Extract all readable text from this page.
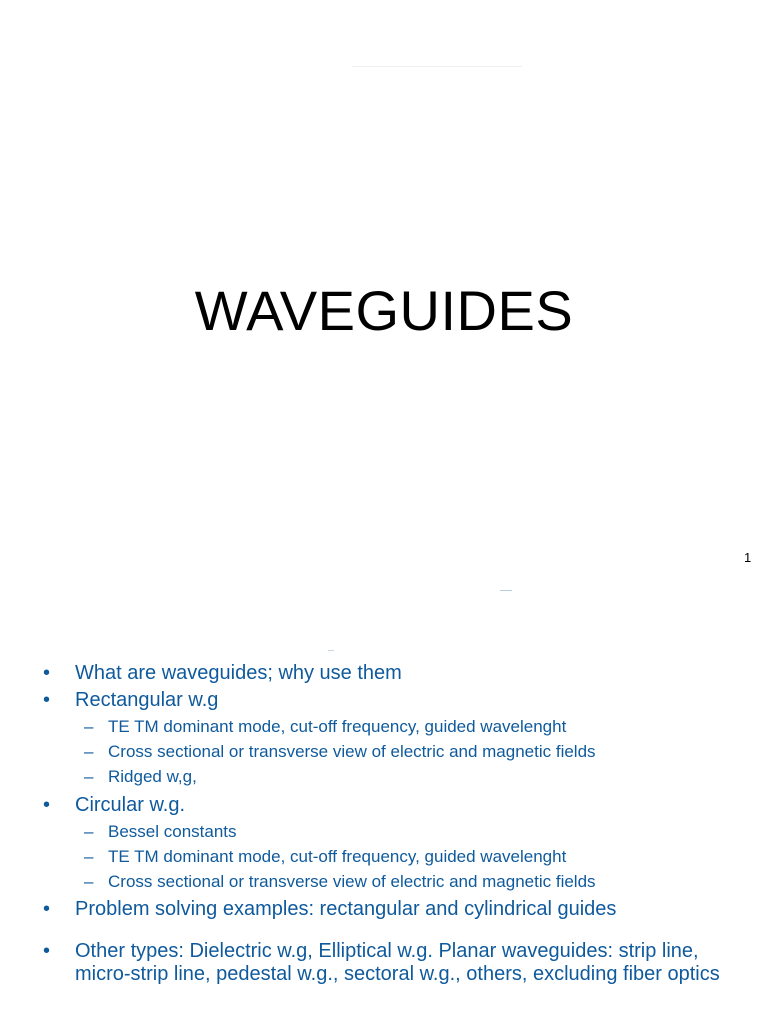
WAVEGUIDES
1
• What are waveguides; why use them
• Rectangular w.g
– TE TM dominant mode, cut-off frequency, guided wavelenght
– Cross sectional or transverse view of electric and magnetic fields
– Ridged w,g,
• Circular w.g.
– Bessel constants
– TE TM dominant mode, cut-off frequency, guided wavelenght
– Cross sectional or transverse view of electric and magnetic fields
• Problem solving examples: rectangular and cylindrical guides
• Other types: Dielectric w.g, Elliptical w.g. Planar waveguides: strip line, micro-strip line, pedestal w.g., sectoral w.g., others, excluding fiber optics
